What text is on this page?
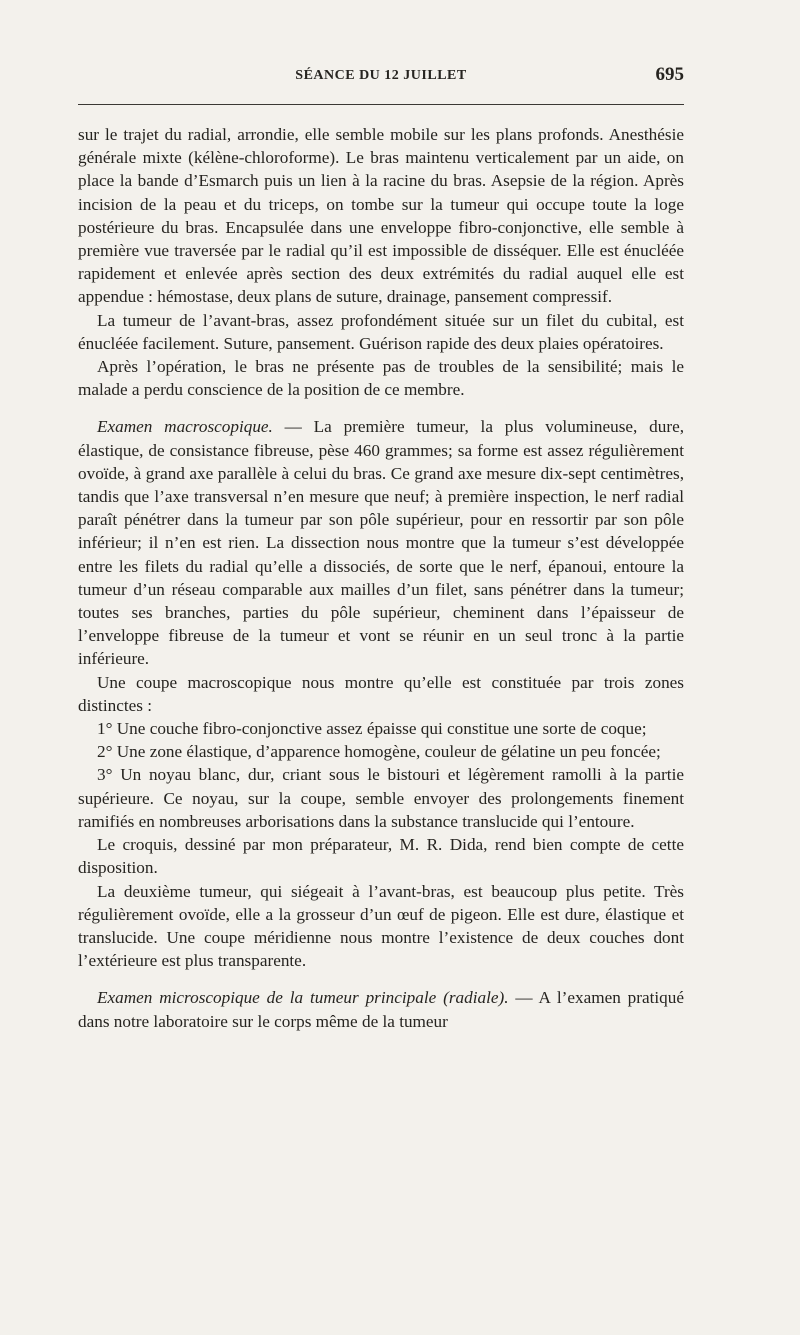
SÉANCE DU 12 JUILLET	695

sur le trajet du radial, arrondie, elle semble mobile sur les plans profonds. Anesthésie générale mixte (kélène-chloroforme). Le bras maintenu verticalement par un aide, on place la bande d’Esmarch puis un lien à la racine du bras. Asepsie de la région. Après incision de la peau et du triceps, on tombe sur la tumeur qui occupe toute la loge postérieure du bras. Encapsulée dans une enveloppe fibro-conjonctive, elle semble à première vue traversée par le radial qu’il est impossible de disséquer. Elle est énucléée rapidement et enlevée après section des deux extrémités du radial auquel elle est appendue : hémostase, deux plans de suture, drainage, pansement compressif.

La tumeur de l’avant-bras, assez profondément située sur un filet du cubital, est énucléée facilement. Suture, pansement. Guérison rapide des deux plaies opératoires.

Après l’opération, le bras ne présente pas de troubles de la sensibilité; mais le malade a perdu conscience de la position de ce membre.

Examen macroscopique. — La première tumeur, la plus volumineuse, dure, élastique, de consistance fibreuse, pèse 460 grammes; sa forme est assez régulièrement ovoïde, à grand axe parallèle à celui du bras. Ce grand axe mesure dix-sept centimètres, tandis que l’axe transversal n’en mesure que neuf; à première inspection, le nerf radial paraît pénétrer dans la tumeur par son pôle supérieur, pour en ressortir par son pôle inférieur; il n’en est rien. La dissection nous montre que la tumeur s’est développée entre les filets du radial qu’elle a dissociés, de sorte que le nerf, épanoui, entoure la tumeur d’un réseau comparable aux mailles d’un filet, sans pénétrer dans la tumeur; toutes ses branches, parties du pôle supérieur, cheminent dans l’épaisseur de l’enveloppe fibreuse de la tumeur et vont se réunir en un seul tronc à la partie inférieure.

Une coupe macroscopique nous montre qu’elle est constituée par trois zones distinctes :

1° Une couche fibro-conjonctive assez épaisse qui constitue une sorte de coque;

2° Une zone élastique, d’apparence homogène, couleur de gélatine un peu foncée;

3° Un noyau blanc, dur, criant sous le bistouri et légèrement ramolli à la partie supérieure. Ce noyau, sur la coupe, semble envoyer des prolongements finement ramifiés en nombreuses arborisations dans la substance translucide qui l’entoure.

Le croquis, dessiné par mon préparateur, M. R. Dida, rend bien compte de cette disposition.

La deuxième tumeur, qui siégeait à l’avant-bras, est beaucoup plus petite. Très régulièrement ovoïde, elle a la grosseur d’un œuf de pigeon. Elle est dure, élastique et translucide. Une coupe méridienne nous montre l’existence de deux couches dont l’extérieure est plus transparente.

Examen microscopique de la tumeur principale (radiale). — A l’examen pratiqué dans notre laboratoire sur le corps même de la tumeur
